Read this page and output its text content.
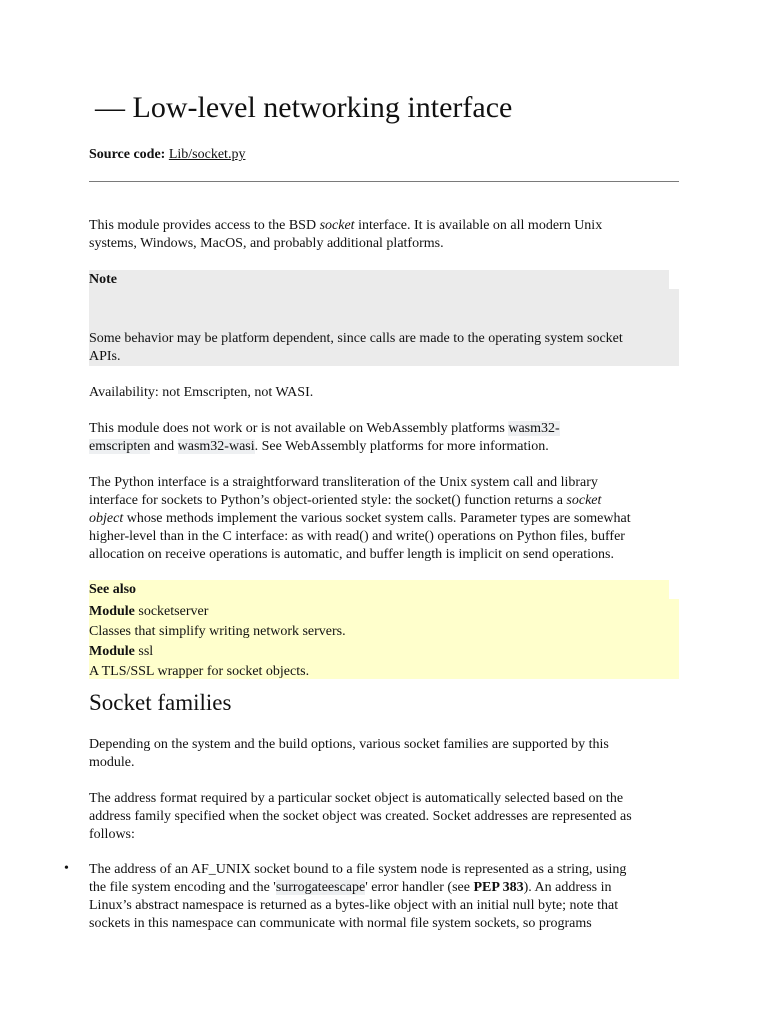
— Low-level networking interface
Source code: Lib/socket.py

This module provides access to the BSD socket interface. It is available on all modern Unix
systems, Windows, MacOS, and probably additional platforms.

Note

Some behavior may be platform dependent, since calls are made to the operating system socket
APIs.

Availability: not Emscripten, not WASI.

This module does not work or is not available on WebAssembly platforms wasm32-
emscripten and wasm32-wasi. See WebAssembly platforms for more information.

The Python interface is a straightforward transliteration of the Unix system call and library
interface for sockets to Python’s object-oriented style: the socket() function returns a socket
object whose methods implement the various socket system calls. Parameter types are somewhat
higher-level than in the C interface: as with read() and write() operations on Python files, buffer
allocation on receive operations is automatic, and buffer length is implicit on send operations.

See also
Module socketserver
Classes that simplify writing network servers.
Module ssl
A TLS/SSL wrapper for socket objects.
Socket families

Depending on the system and the build options, various socket families are supported by this
module.

The address format required by a particular socket object is automatically selected based on the
address family specified when the socket object was created. Socket addresses are represented as
follows:

• The address of an AF_UNIX socket bound to a file system node is represented as a string, using
the file system encoding and the 'surrogateescape' error handler (see PEP 383). An address in
Linux’s abstract namespace is returned as a bytes-like object with an initial null byte; note that
sockets in this namespace can communicate with normal file system sockets, so programs
